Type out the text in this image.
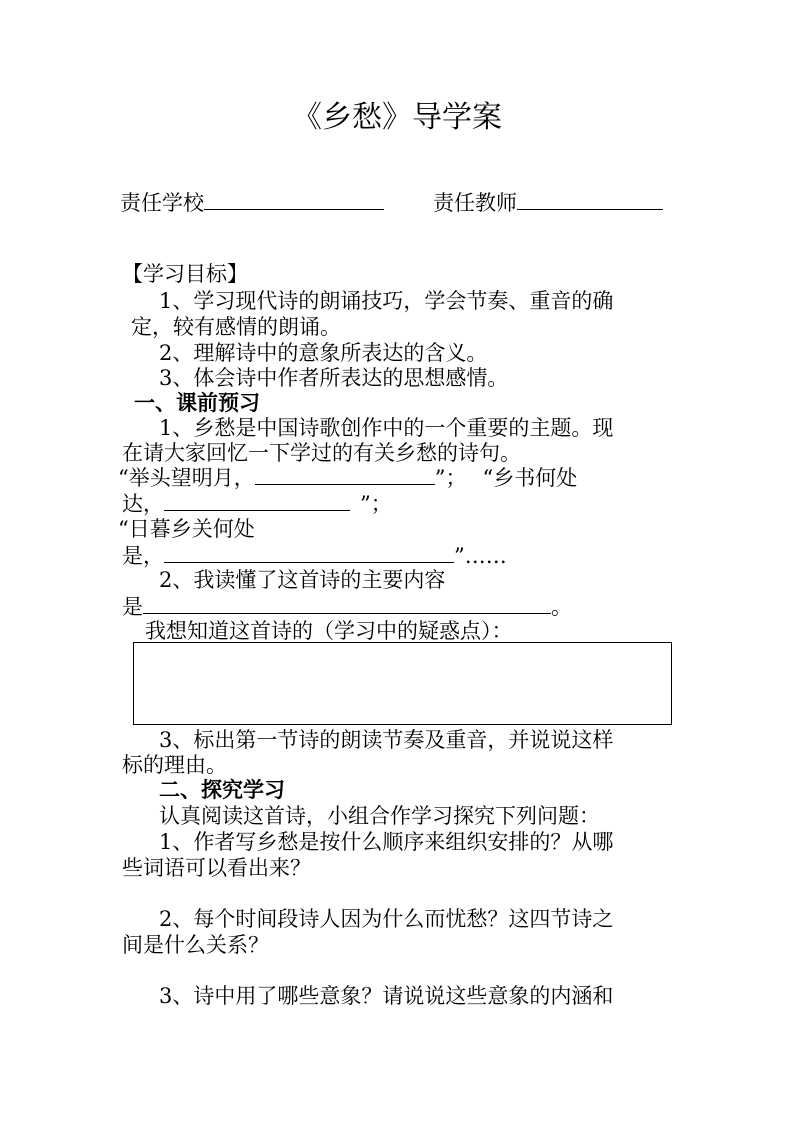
《乡愁》导学案
责任学校	责任教师
【学习目标】
1、学习现代诗的朗诵技巧，学会节奏、重音的确
定，较有感情的朗诵。
2、理解诗中的意象所表达的含义。
3、体会诗中作者所表达的思想感情。
一、课前预习
1、乡愁是中国诗歌创作中的一个重要的主题。现
在请大家回忆一下学过的有关乡愁的诗句。
“举头望明月，	”； “乡书何处
达，	”；
“日暮乡关何处
是，	”……
2、我读懂了这首诗的主要内容
是	。
我想知道这首诗的（学习中的疑惑点）：
3、标出第一节诗的朗读节奏及重音，并说说这样
标的理由。
二、探究学习
认真阅读这首诗，小组合作学习探究下列问题：
1、作者写乡愁是按什么顺序来组织安排的？从哪
些词语可以看出来？
2、每个时间段诗人因为什么而忧愁？这四节诗之
间是什么关系？
3、诗中用了哪些意象？请说说这些意象的内涵和
